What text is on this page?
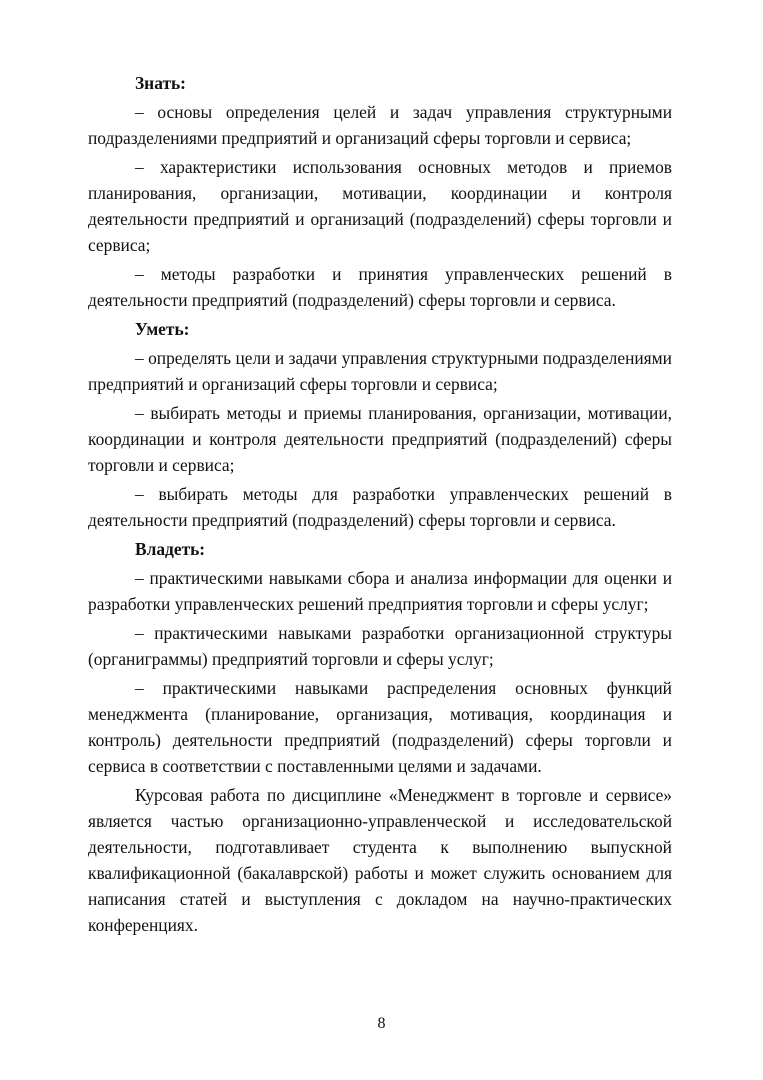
Знать:

– основы определения целей и задач управления структурными подразделениями предприятий и организаций сферы торговли и сервиса;

– характеристики использования основных методов и приемов планирования, организации, мотивации, координации и контроля деятельности предприятий и организаций (подразделений) сферы торговли и сервиса;

– методы разработки и принятия управленческих решений в деятельности предприятий (подразделений) сферы торговли и сервиса.

Уметь:

– определять цели и задачи управления структурными подразделениями предприятий и организаций сферы торговли и сервиса;

– выбирать методы и приемы планирования, организации, мотивации, координации и контроля деятельности предприятий (подразделений) сферы торговли и сервиса;

– выбирать методы для разработки управленческих решений в деятельности предприятий (подразделений) сферы торговли и сервиса.

Владеть:

– практическими навыками сбора и анализа информации для оценки и разработки управленческих решений предприятия торговли и сферы услуг;

– практическими навыками разработки организационной структуры (органиграммы) предприятий торговли и сферы услуг;

– практическими навыками распределения основных функций менеджмента (планирование, организация, мотивация, координация и контроль) деятельности предприятий (подразделений) сферы торговли и сервиса в соответствии с поставленными целями и задачами.

Курсовая работа по дисциплине «Менеджмент в торговле и сервисе» является частью организационно-управленческой и исследовательской деятельности, подготавливает студента к выполнению выпускной квалификационной (бакалаврской) работы и может служить основанием для написания статей и выступления с докладом на научно-практических конференциях.

8
